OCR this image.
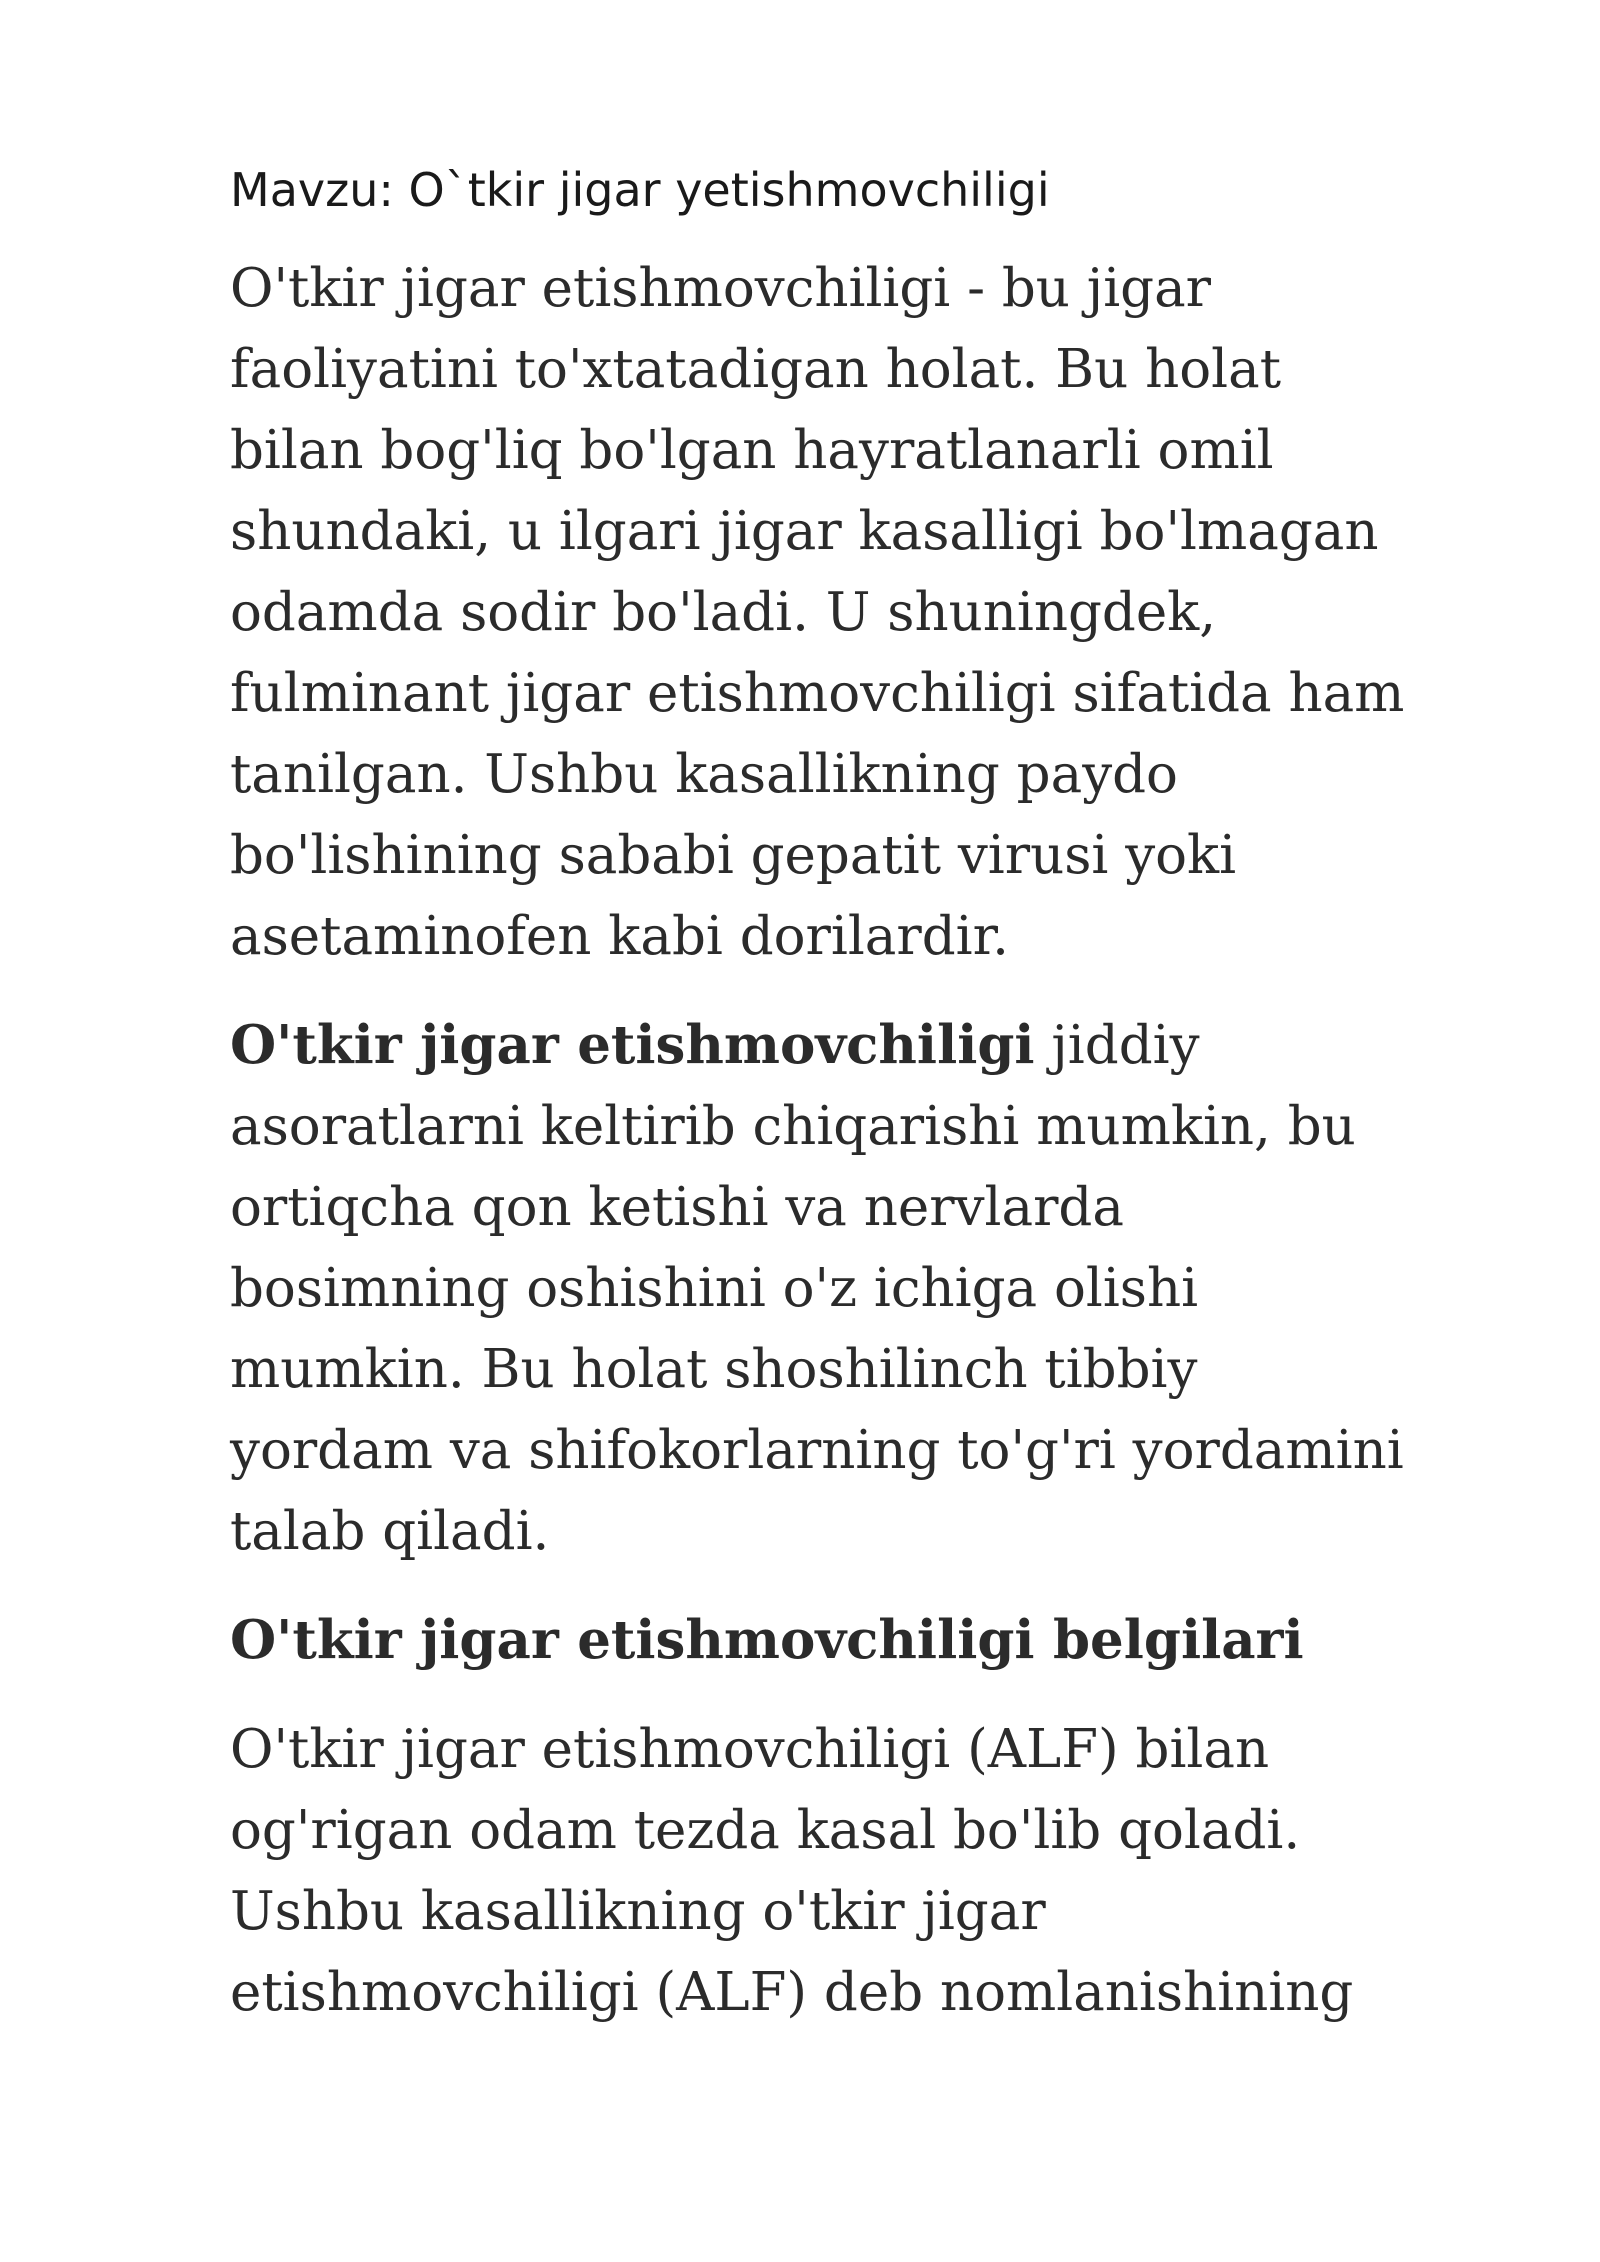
Mavzu: O`tkir jigar yetishmovchiligi
O'tkir jigar etishmovchiligi - bu jigar
faoliyatini to'xtatadigan holat. Bu holat
bilan bog'liq bo'lgan hayratlanarli omil
shundaki, u ilgari jigar kasalligi bo'lmagan
odamda sodir bo'ladi. U shuningdek,
fulminant jigar etishmovchiligi sifatida ham
tanilgan. Ushbu kasallikning paydo
bo'lishining sababi gepatit virusi yoki
asetaminofen kabi dorilardir.
O'tkir jigar etishmovchiligi jiddiy
asoratlarni keltirib chiqarishi mumkin, bu
ortiqcha qon ketishi va nervlarda
bosimning oshishini o'z ichiga olishi
mumkin. Bu holat shoshilinch tibbiy
yordam va shifokorlarning to'g'ri yordamini
talab qiladi.
O'tkir jigar etishmovchiligi belgilari
O'tkir jigar etishmovchiligi (ALF) bilan
og'rigan odam tezda kasal bo'lib qoladi.
Ushbu kasallikning o'tkir jigar
etishmovchiligi (ALF) deb nomlanishining
